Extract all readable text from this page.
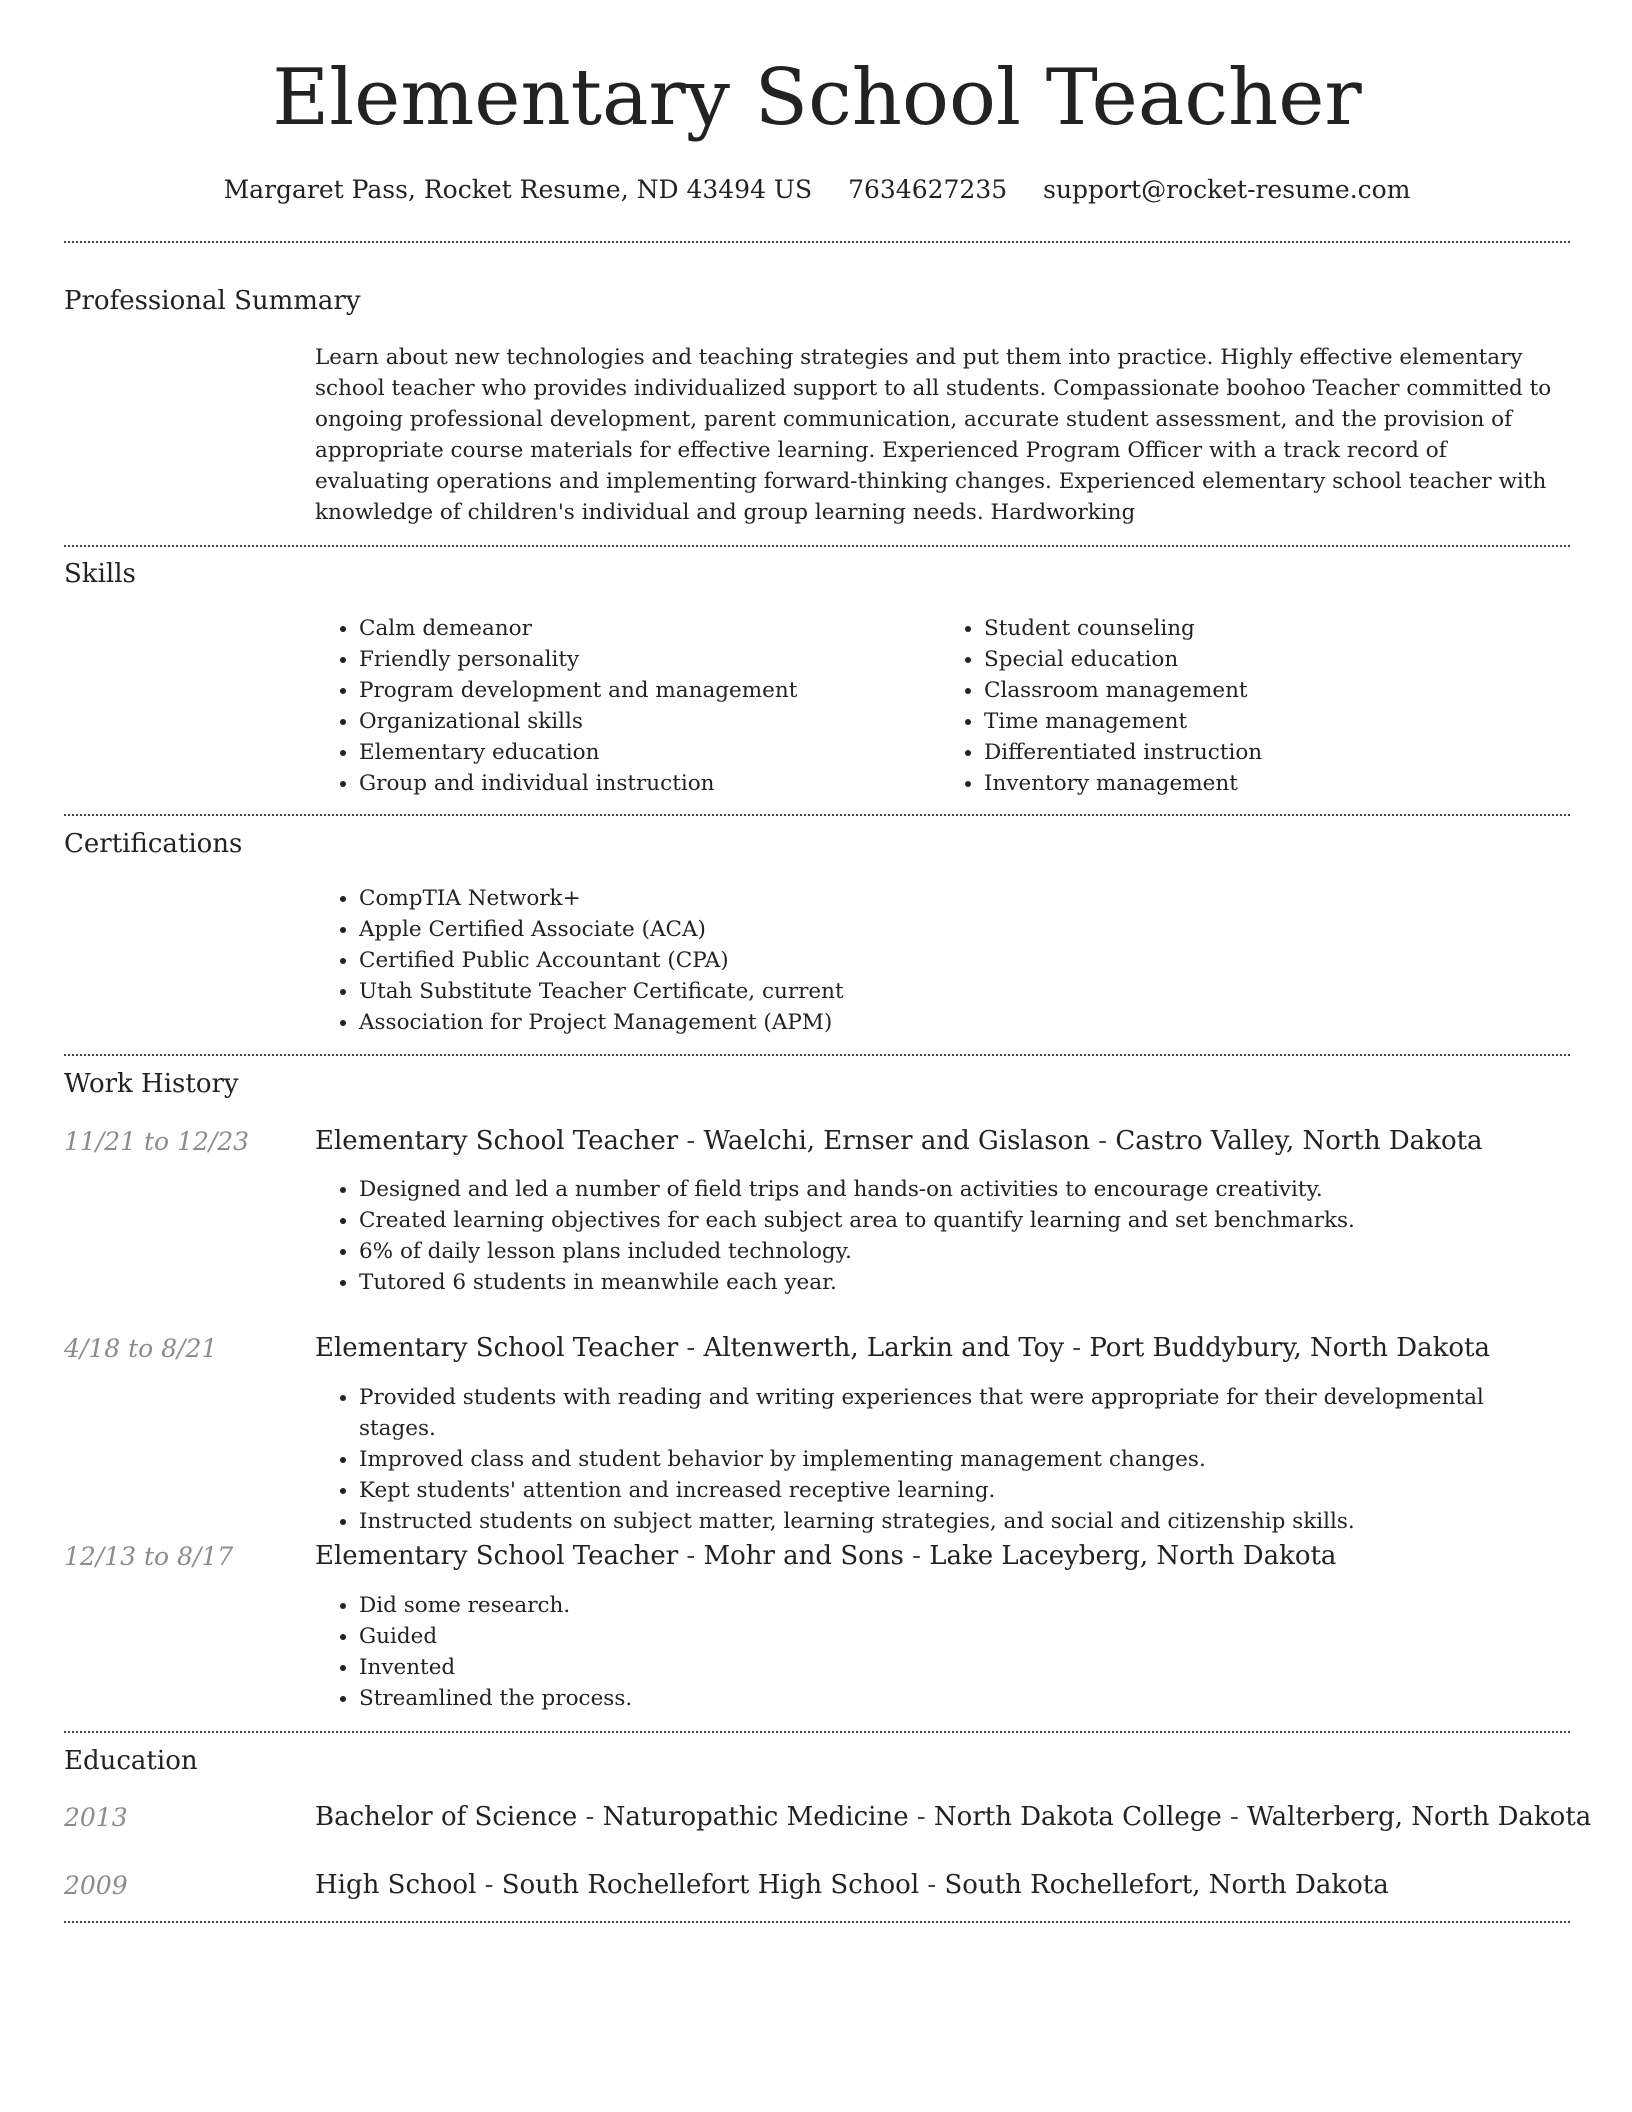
Elementary School Teacher
Margaret Pass, Rocket Resume, ND 43494 US 7634627235 support@rocket-resume.com
Professional Summary

Learn about new technologies and teaching strategies and put them into practice. Highly effective elementary school teacher who provides individualized support to all students. Compassionate boohoo Teacher committed to ongoing professional development, parent communication, accurate student assessment, and the provision of appropriate course materials for effective learning. Experienced Program Officer with a track record of evaluating operations and implementing forward-thinking changes. Experienced elementary school teacher with knowledge of children's individual and group learning needs. Hardworking

Skills
• Calm demeanor
• Friendly personality
• Program development and management
• Organizational skills
• Elementary education
• Group and individual instruction
• Student counseling
• Special education
• Classroom management
• Time management
• Differentiated instruction
• Inventory management
Certifications
• CompTIA Network+
• Apple Certified Associate (ACA)
• Certified Public Accountant (CPA)
• Utah Substitute Teacher Certificate, current
• Association for Project Management (APM)
Work History
11/21 to 12/23	Elementary School Teacher - Waelchi, Ernser and Gislason - Castro Valley, North Dakota
• Designed and led a number of field trips and hands-on activities to encourage creativity.
• Created learning objectives for each subject area to quantify learning and set benchmarks.
• 6% of daily lesson plans included technology.
• Tutored 6 students in meanwhile each year.
4/18 to 8/21	Elementary School Teacher - Altenwerth, Larkin and Toy - Port Buddybury, North Dakota
• Provided students with reading and writing experiences that were appropriate for their developmental stages.
• Improved class and student behavior by implementing management changes.
• Kept students' attention and increased receptive learning.
• Instructed students on subject matter, learning strategies, and social and citizenship skills.
12/13 to 8/17	Elementary School Teacher - Mohr and Sons - Lake Laceyberg, North Dakota
• Did some research.
• Guided
• Invented
• Streamlined the process.
Education
2013	Bachelor of Science - Naturopathic Medicine - North Dakota College - Walterberg, North Dakota
2009	High School - South Rochellefort High School - South Rochellefort, North Dakota
